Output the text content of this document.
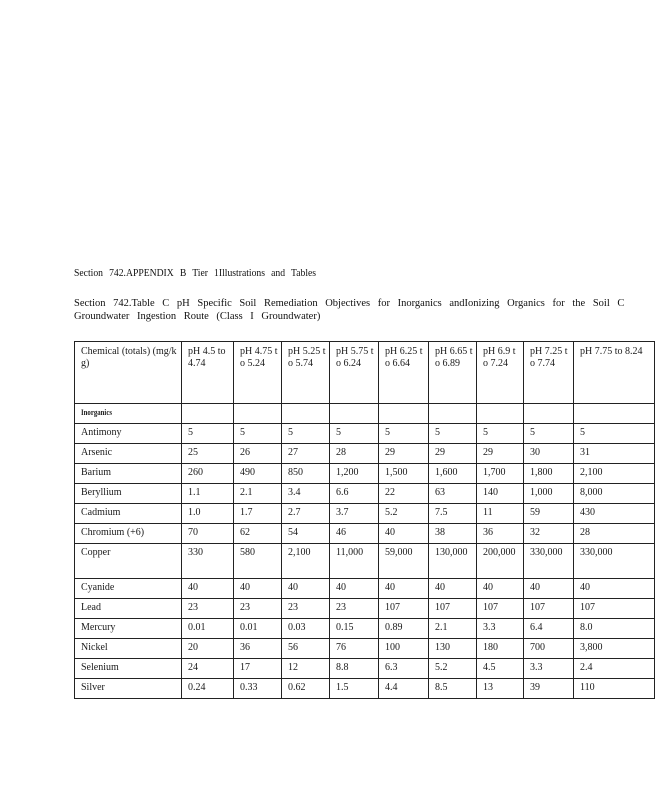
Section 742.APPENDIX B Tier 1Illustrations and Tables
Section 742.Table C pH Specific Soil Remediation Objectives for Inorganics andIonizing Organics for the Soil C
Groundwater Ingestion Route (Class I Groundwater)
Chemical (totals) (mg/kg)	pH 4.5 to 4.74	pH 4.75 to 5.24	pH 5.25 to 5.74	pH 5.75 to 6.24	pH 6.25 to 6.64	pH 6.65 to 6.89	pH 6.9 to 7.24	pH 7.25 to 7.74	pH 7.75 to 8.24

Inorganics									

Antimony	5	5	5	5	5	5	5	5	5

Arsenic	25	26	27	28	29	29	29	30	31

Barium	260	490	850	1,200	1,500	1,600	1,700	1,800	2,100

Beryllium	1.1	2.1	3.4	6.6	22	63	140	1,000	8,000

Cadmium	1.0	1.7	2.7	3.7	5.2	7.5	11	59	430

Chromium (+6)	70	62	54	46	40	38	36	32	28

Copper	330	580	2,100	11,000	59,000	130,000	200,000	330,000	330,000

Cyanide	40	40	40	40	40	40	40	40	40

Lead	23	23	23	23	107	107	107	107	107

Mercury	0.01	0.01	0.03	0.15	0.89	2.1	3.3	6.4	8.0

Nickel	20	36	56	76	100	130	180	700	3,800

Selenium	24	17	12	8.8	6.3	5.2	4.5	3.3	2.4

Silver	0.24	0.33	0.62	1.5	4.4	8.5	13	39	110
